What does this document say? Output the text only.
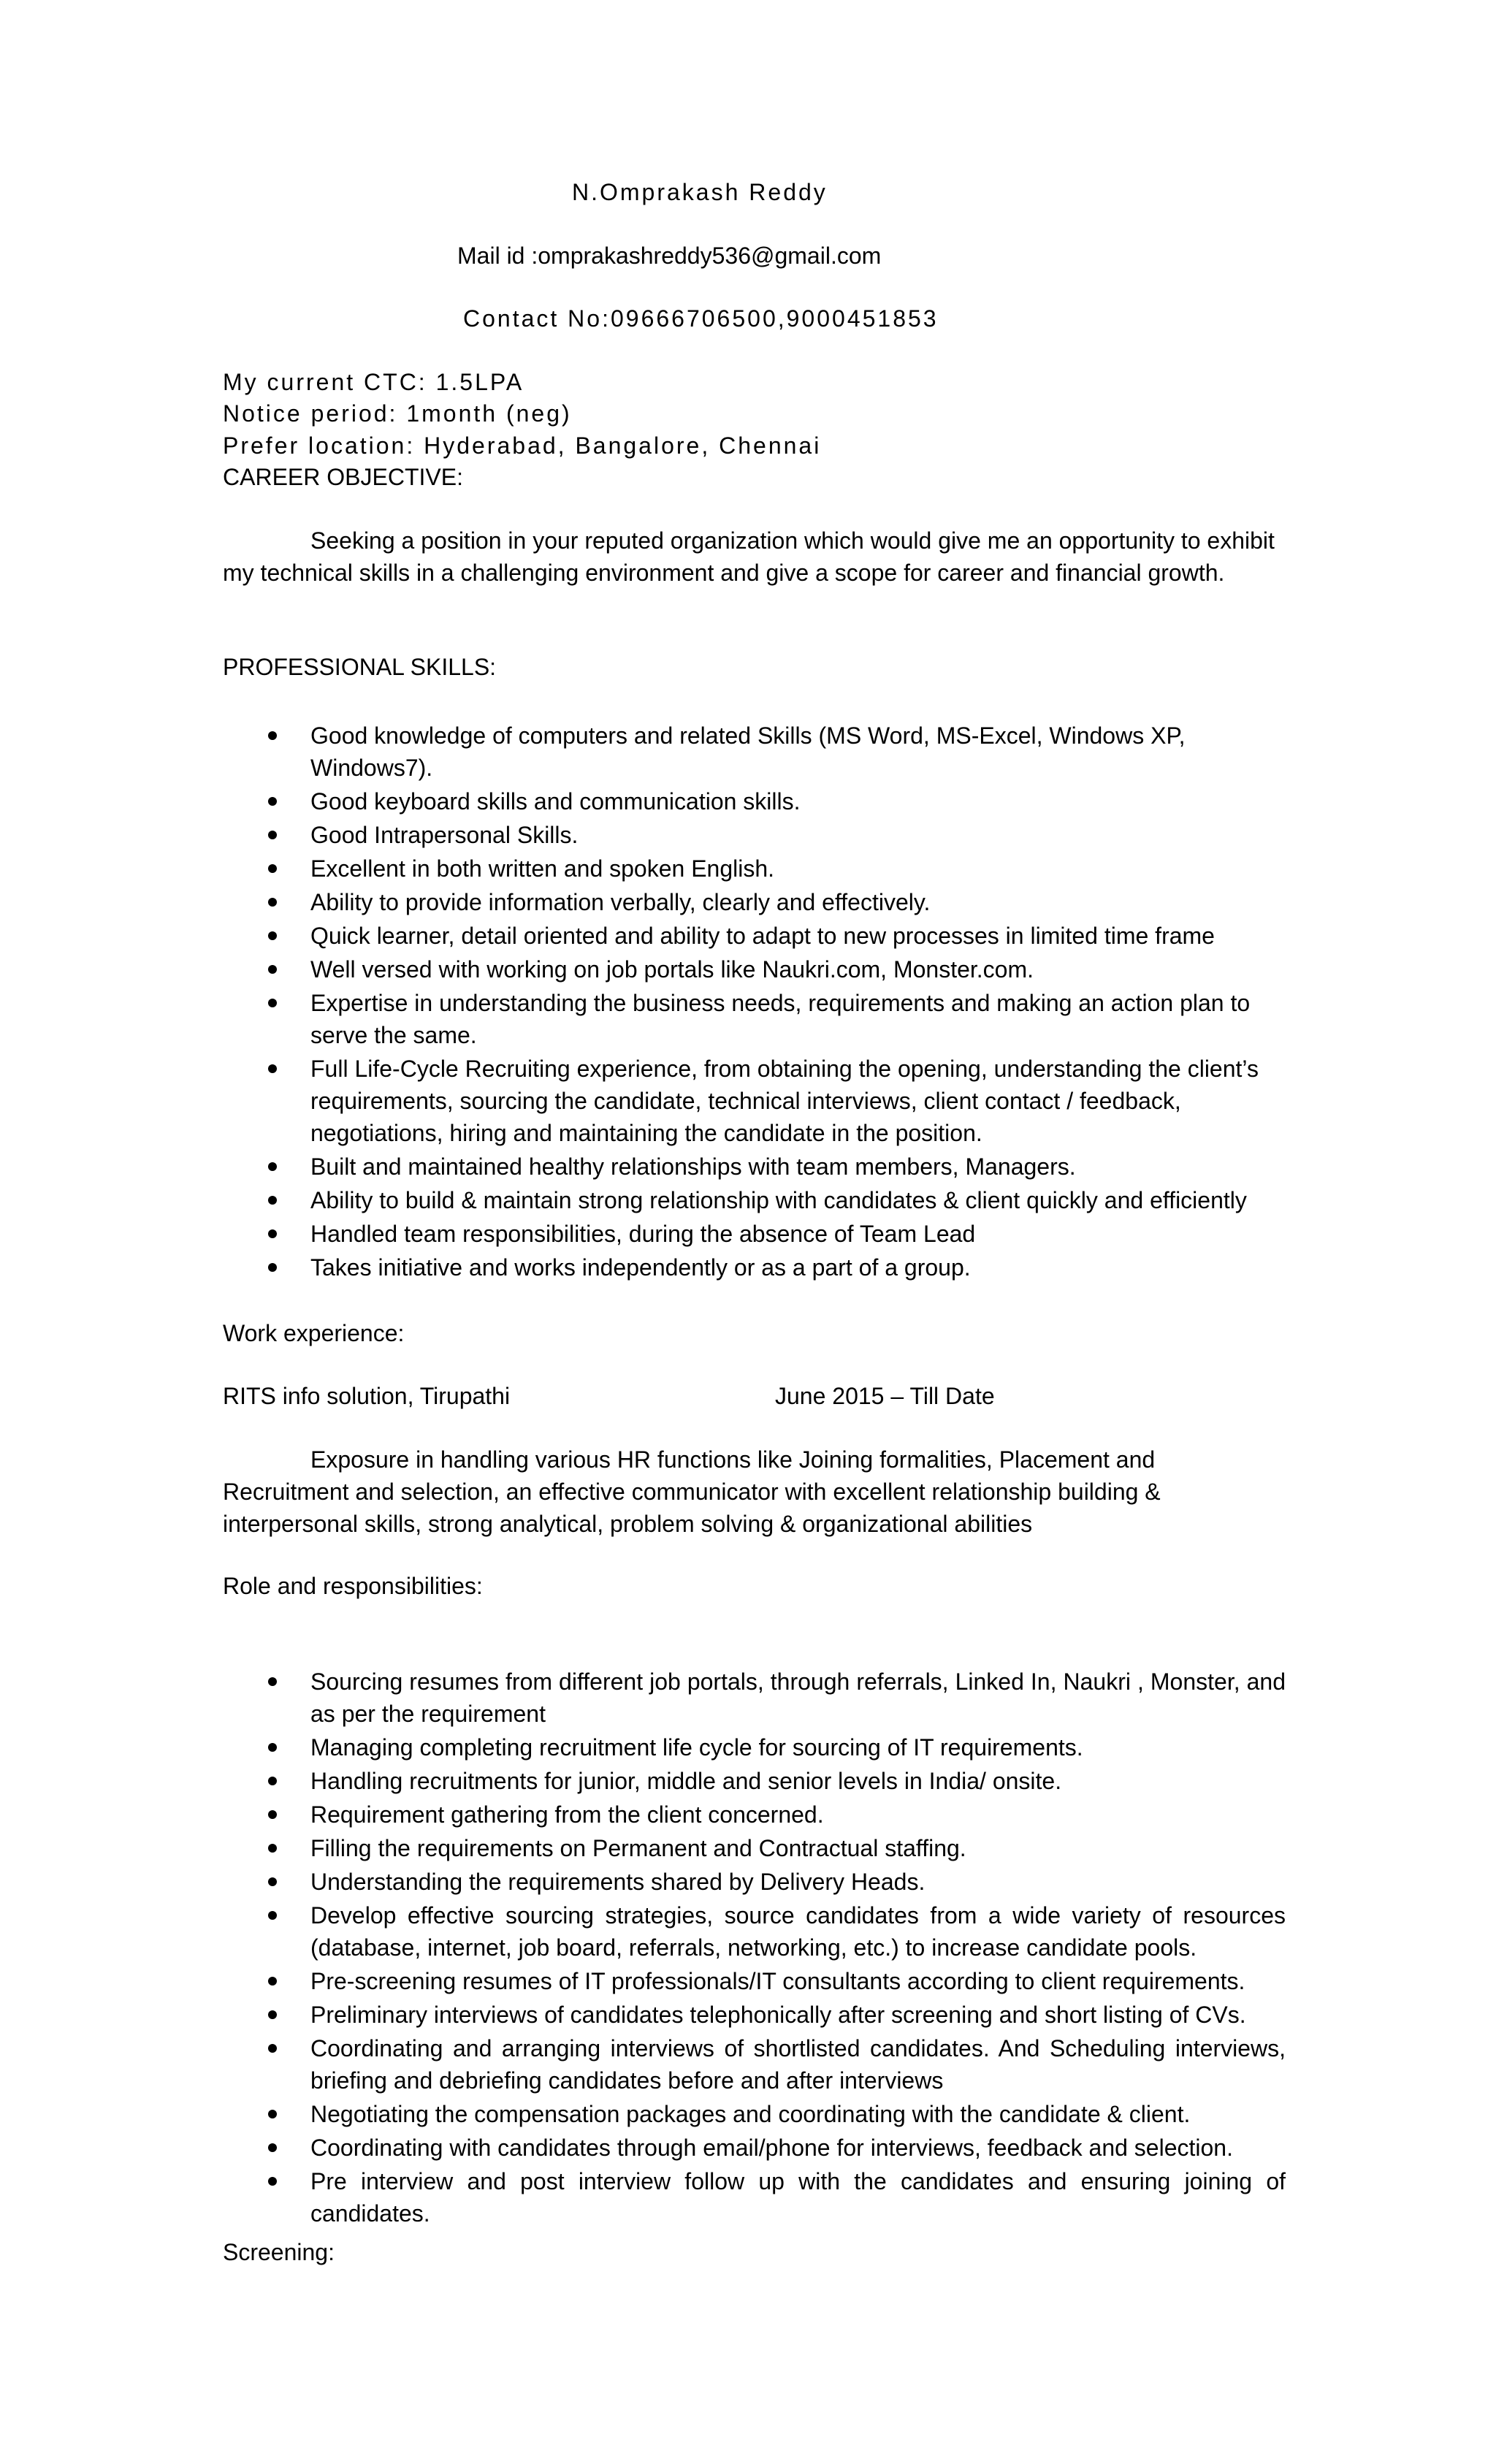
N.Omprakash Reddy
Mail id :omprakashreddy536@gmail.com
Contact No:09666706500,9000451853
My current CTC: 1.5LPA
Notice period: 1month (neg)
Prefer location: Hyderabad, Bangalore, Chennai
CAREER OBJECTIVE:
Seeking a position in your reputed organization which would give me an opportunity to exhibit my technical skills in a challenging environment and give a scope for career and financial growth.
PROFESSIONAL SKILLS:
Good knowledge of computers and related Skills (MS Word, MS-Excel, Windows XP, Windows7).
Good keyboard skills and communication skills.
Good Intrapersonal Skills.
Excellent in both written and spoken English.
Ability to provide information verbally, clearly and effectively.
Quick learner, detail oriented and ability to adapt to new processes in limited time frame
Well versed with working on job portals like Naukri.com, Monster.com.
Expertise in understanding the business needs, requirements and making an action plan to serve the same.
Full Life-Cycle Recruiting experience, from obtaining the opening, understanding the client’s requirements, sourcing the candidate, technical interviews, client contact / feedback, negotiations, hiring and maintaining the candidate in the position.
Built and maintained healthy relationships with team members, Managers.
Ability to build & maintain strong relationship with candidates & client quickly and efficiently
Handled team responsibilities, during the absence of Team Lead
Takes initiative and works independently or as a part of a group.
Work experience:
RITS info solution, Tirupathi	June 2015 – Till Date
Exposure in handling various HR functions like Joining formalities, Placement and Recruitment and selection, an effective communicator with excellent relationship building & interpersonal skills, strong analytical, problem solving & organizational abilities
Role and responsibilities:
Sourcing resumes from different job portals, through referrals, Linked In, Naukri , Monster, and as per the requirement
Managing completing recruitment life cycle for sourcing of IT requirements.
Handling recruitments for junior, middle and senior levels in India/ onsite.
Requirement gathering from the client concerned.
Filling the requirements on Permanent and Contractual staffing.
Understanding the requirements shared by Delivery Heads.
Develop effective sourcing strategies, source candidates from a wide variety of resources (database, internet, job board, referrals, networking, etc.) to increase candidate pools.
Pre-screening resumes of IT professionals/IT consultants according to client requirements.
Preliminary interviews of candidates telephonically after screening and short listing of CVs.
Coordinating and arranging interviews of shortlisted candidates. And Scheduling interviews, briefing and debriefing candidates before and after interviews
Negotiating the compensation packages and coordinating with the candidate & client.
Coordinating with candidates through email/phone for interviews, feedback and selection.
Pre interview and post interview follow up with the candidates and ensuring joining of candidates.
Screening:
